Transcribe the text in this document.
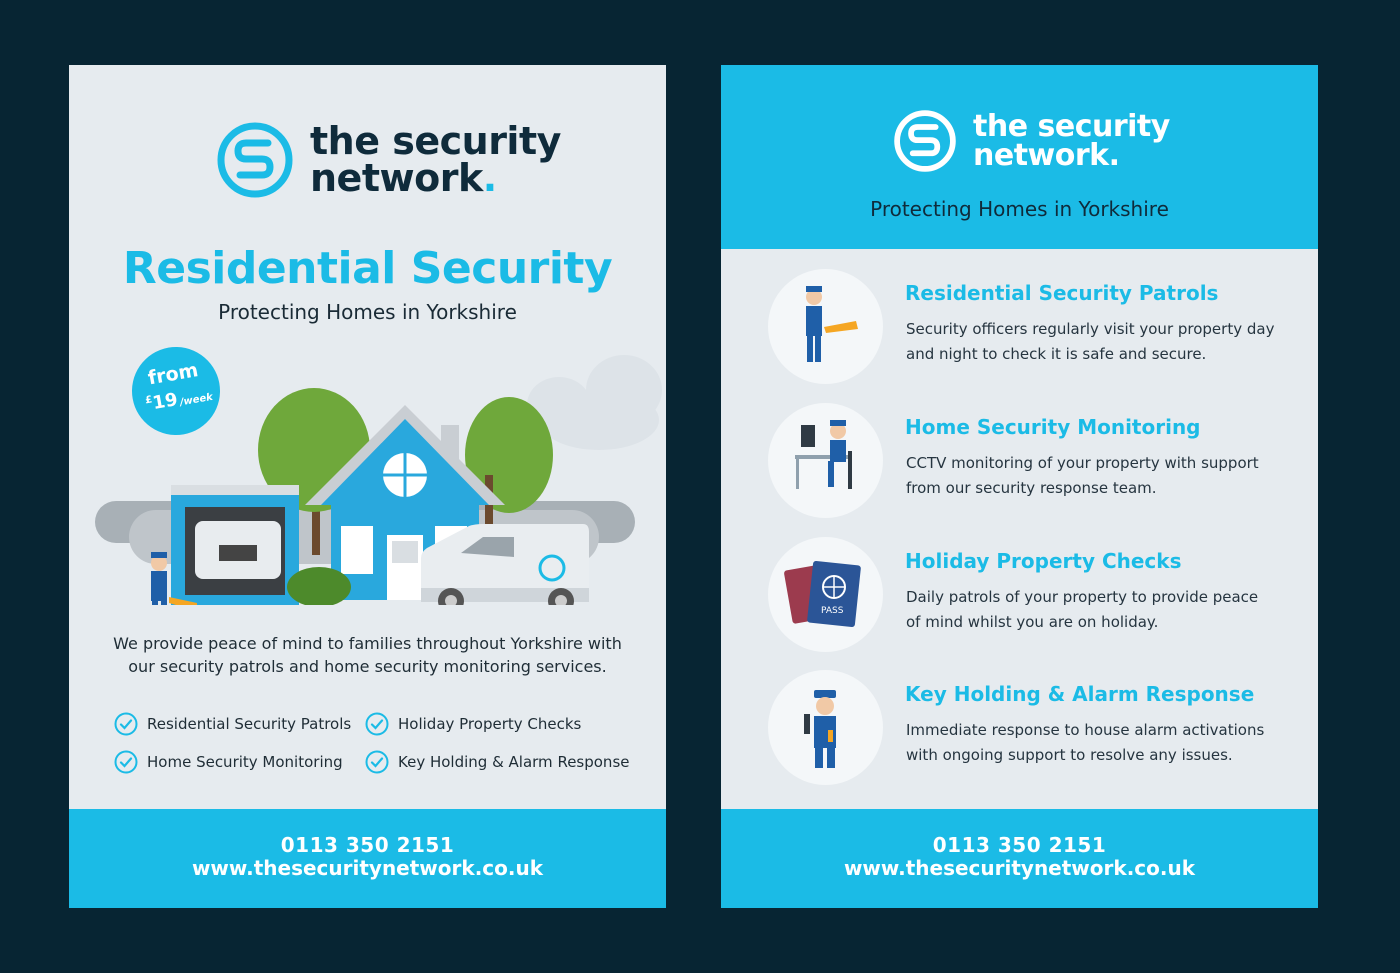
the security
network.
Residential Security
Protecting Homes in Yorkshire
from
£19 /week
We provide peace of mind to families throughout Yorkshire with our security patrols and home security monitoring services.
Residential Security Patrols	Holiday Property Checks
Home Security Monitoring	Key Holding & Alarm Response
0113 350 2151
www.thesecuritynetwork.co.uk
the security
network.
Protecting Homes in Yorkshire
Residential Security Patrols
Security officers regularly visit your property day and night to check it is safe and secure.
Home Security Monitoring
CCTV monitoring of your property with support from our security response team.
PASS
Holiday Property Checks
Daily patrols of your property to provide peace of mind whilst you are on holiday.
Key Holding & Alarm Response
Immediate response to house alarm activations with ongoing support to resolve any issues.
0113 350 2151
www.thesecuritynetwork.co.uk
